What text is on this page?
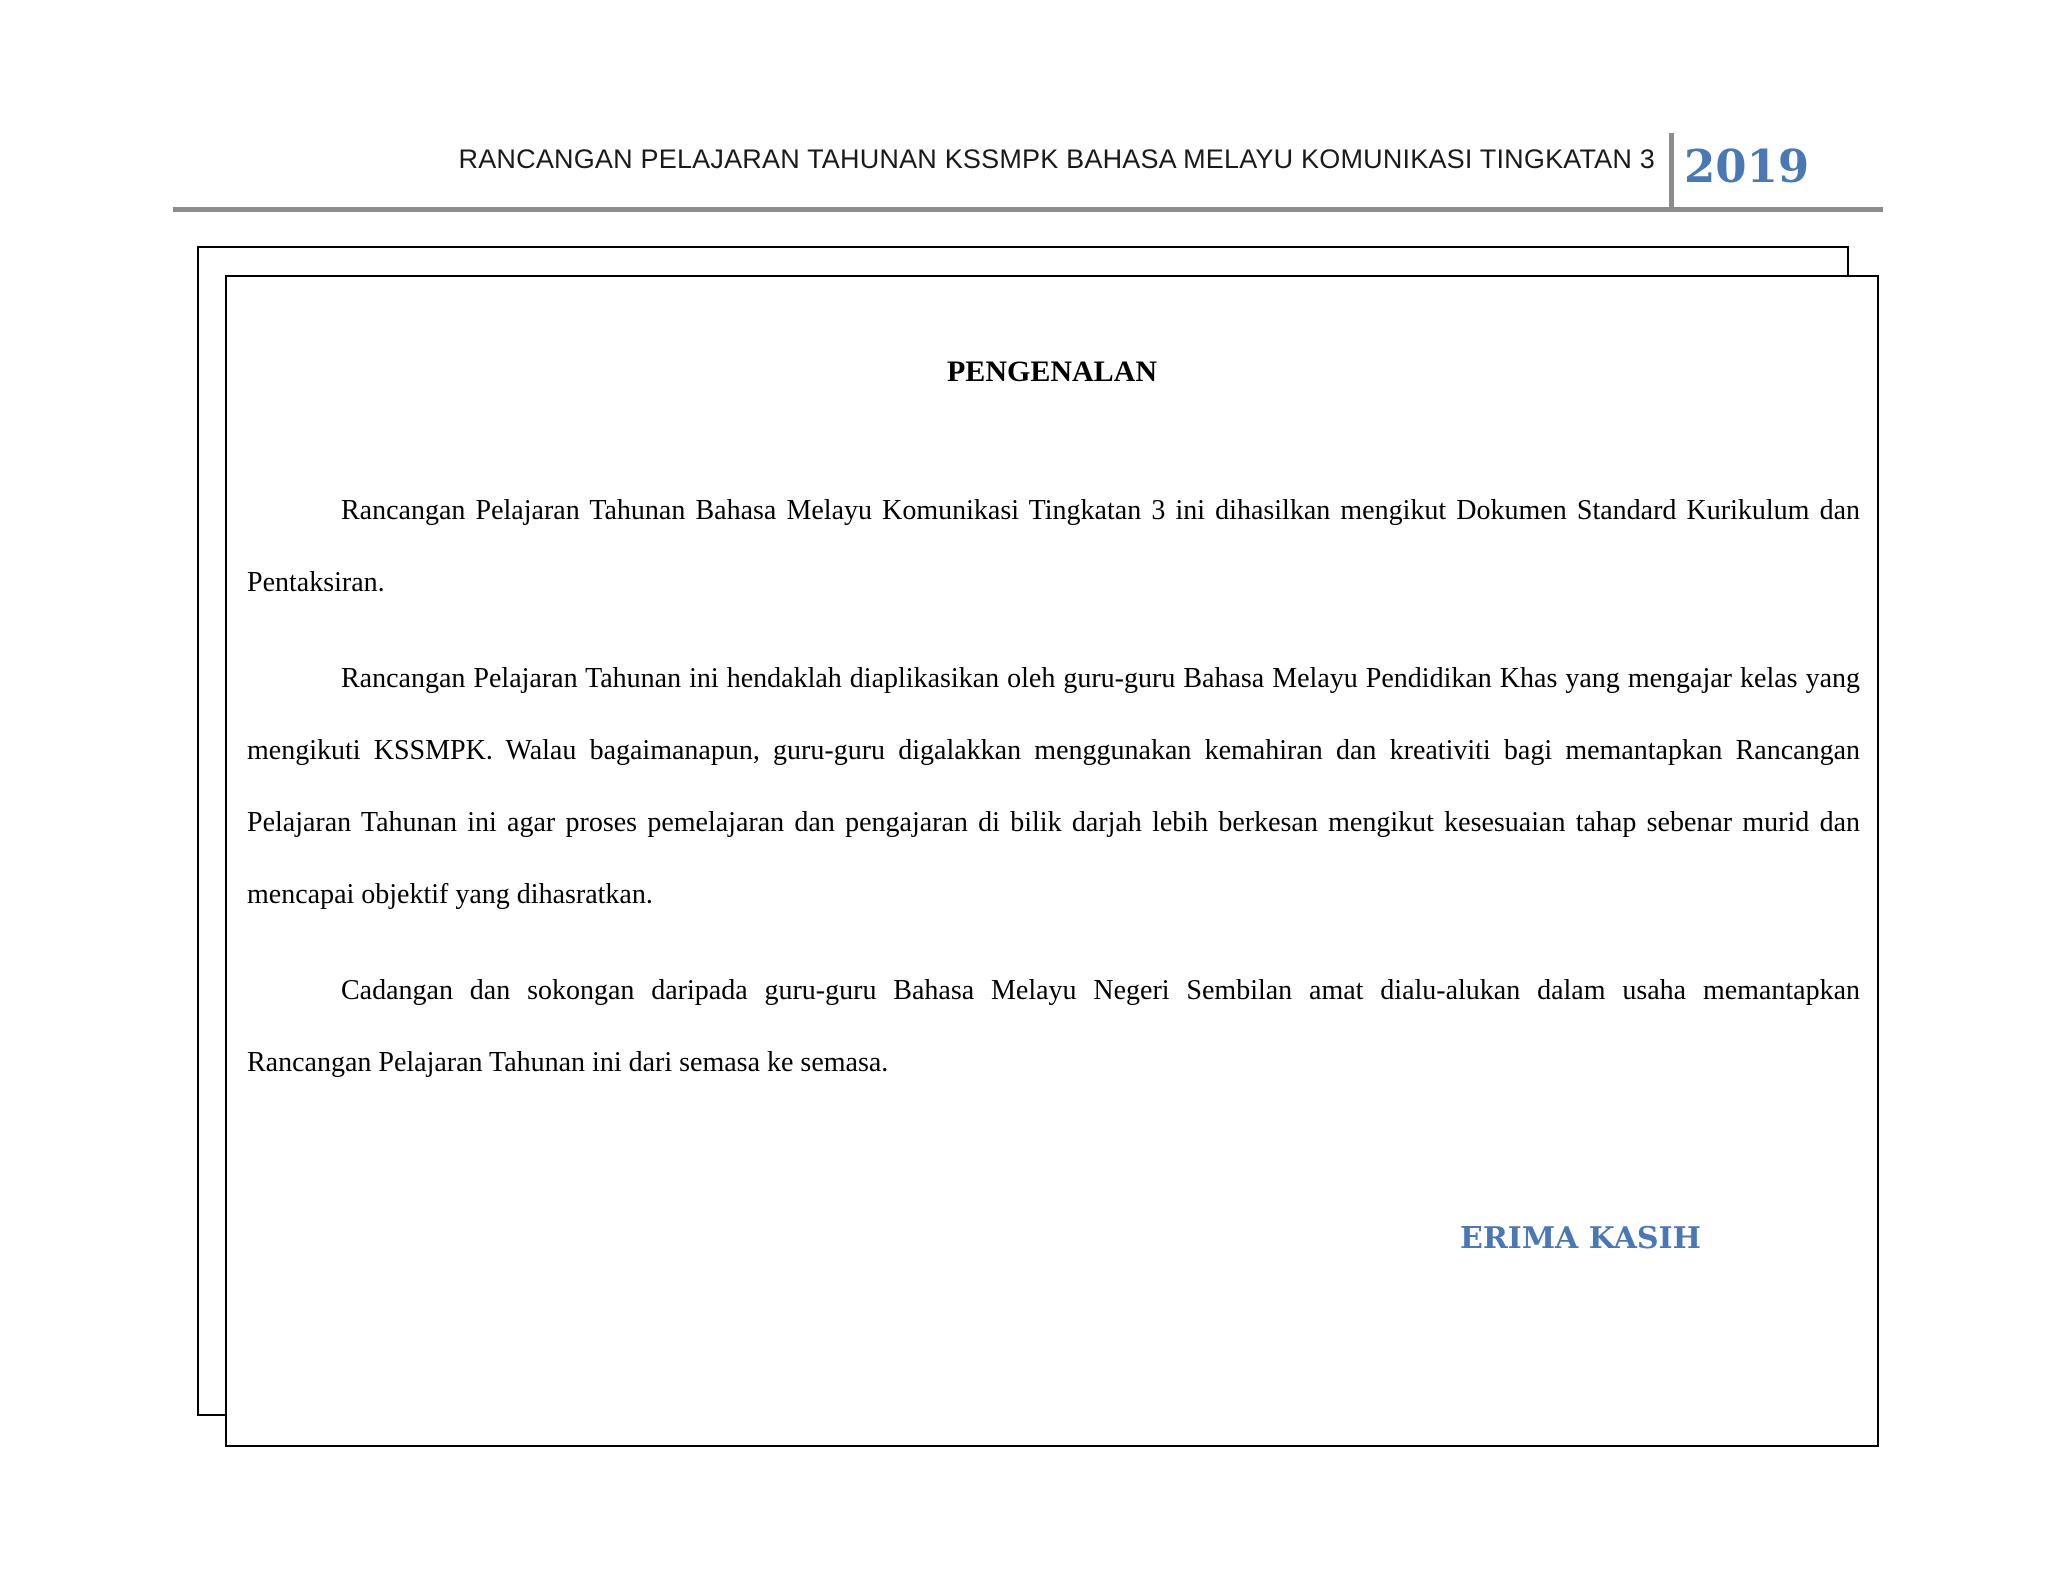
RANCANGAN PELAJARAN TAHUNAN KSSMPK BAHASA MELAYU KOMUNIKASI TINGKATAN 3 2019
PENGENALAN

Rancangan Pelajaran Tahunan Bahasa Melayu Komunikasi Tingkatan 3 ini dihasilkan mengikut Dokumen Standard Kurikulum dan Pentaksiran.

Rancangan Pelajaran Tahunan ini hendaklah diaplikasikan oleh guru-guru Bahasa Melayu Pendidikan Khas yang mengajar kelas yang mengikuti KSSMPK. Walau bagaimanapun, guru-guru digalakkan menggunakan kemahiran dan kreativiti bagi memantapkan Rancangan Pelajaran Tahunan ini agar proses pemelajaran dan pengajaran di bilik darjah lebih berkesan mengikut kesesuaian tahap sebenar murid dan mencapai objektif yang dihasratkan.

Cadangan dan sokongan daripada guru-guru Bahasa Melayu Negeri Sembilan amat dialu-alukan dalam usaha memantapkan Rancangan Pelajaran Tahunan ini dari semasa ke semasa.

ERIMA KASIH
